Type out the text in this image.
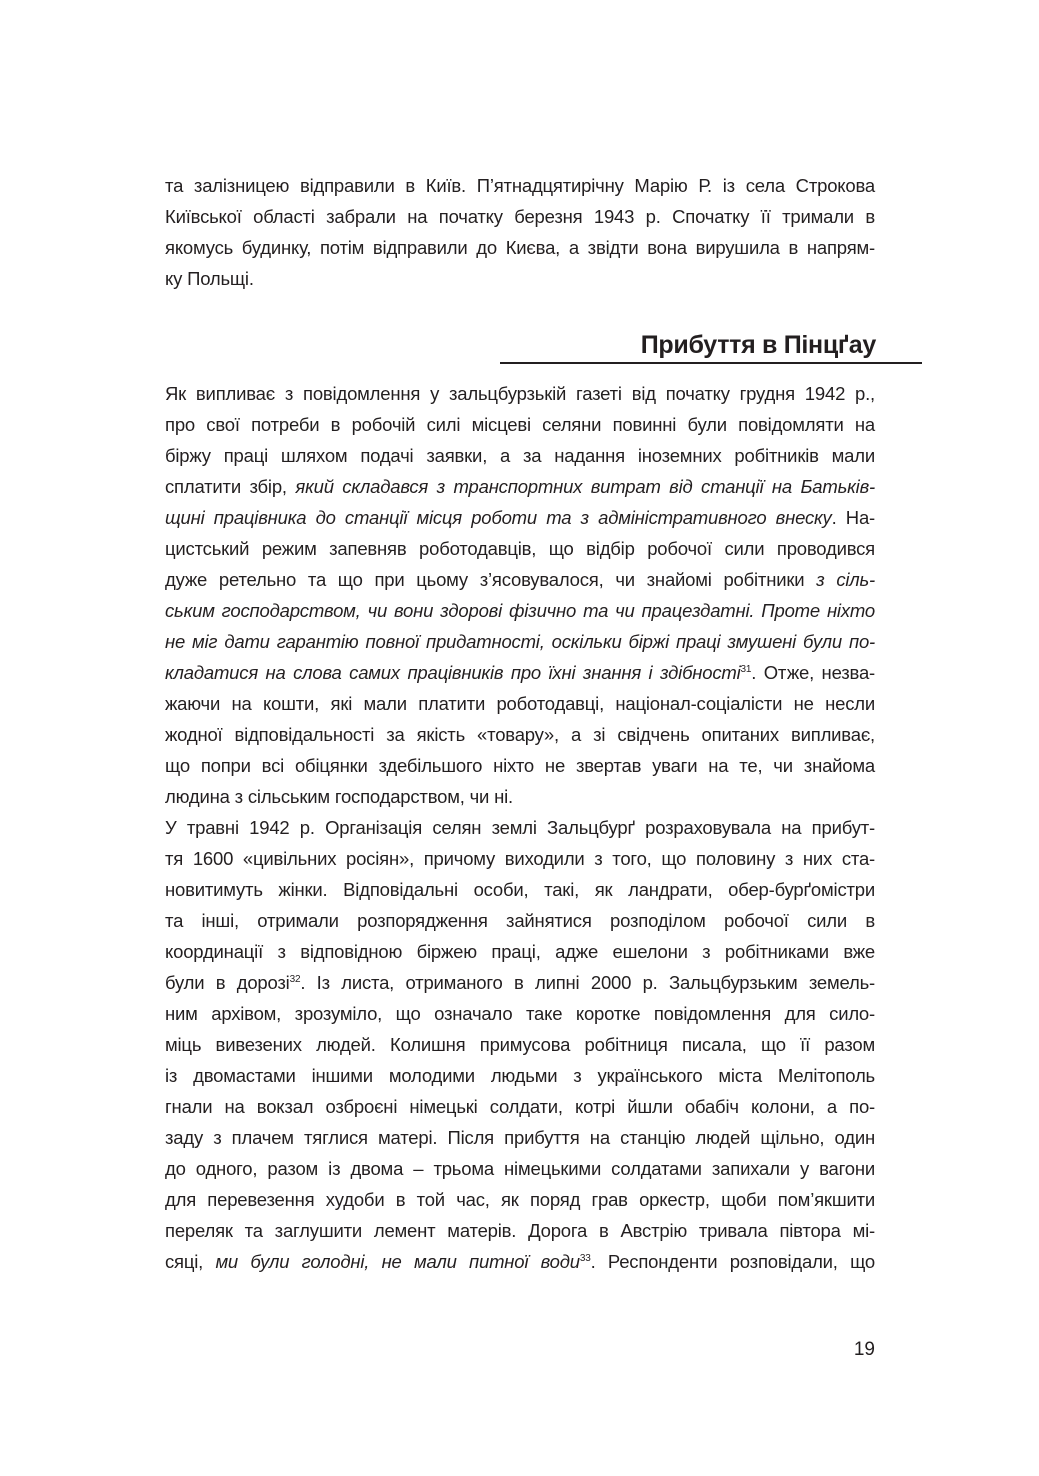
та залізницею відправили в Київ. П’ятнадцятирічну Марію Р. із села Строкова
Київської області забрали на початку березня 1943 р. Спочатку її тримали в
якомусь будинку, потім відправили до Києва, а звідти вона вирушила в напрям-
ку Польщі.
Прибуття в Пінцґау
Як випливає з повідомлення у зальцбурзькій газеті від початку грудня 1942 р.,
про свої потреби в робочій силі місцеві селяни повинні були повідомляти на
біржу праці шляхом подачі заявки, а за надання іноземних робітників мали
сплатити збір, який складався з транспортних витрат від станції на Батьків-
щині працівника до станції місця роботи та з адміністративного внеску. На-
цистський режим запевняв роботодавців, що відбір робочої сили проводився
дуже ретельно та що при цьому з’ясовувалося, чи знайомі робітники з сіль-
ським господарством, чи вони здорові фізично та чи працездатні. Проте ніхто
не міг дати гарантію повної придатності, оскільки біржі праці змушені були по-
кладатися на слова самих працівників про їхні знання і здібності$^{31}$. Отже, незва-
жаючи на кошти, які мали платити роботодавці, націонал-соціалісти не несли
жодної відповідальності за якість «товару», а зі свідчень опитаних випливає,
що попри всі обіцянки здебільшого ніхто не звертав уваги на те, чи знайома
людина з сільським господарством, чи ні.
У травні 1942 р. Організація селян землі Зальцбурґ розраховувала на прибут-
тя 1600 «цивільних росіян», причому виходили з того, що половину з них ста-
новитимуть жінки. Відповідальні особи, такі, як ландрати, обер-бурґомістри
та інші, отримали розпорядження зайнятися розподілом робочої сили в
координації з відповідною біржею праці, адже ешелони з робітниками вже
були в дорозі$^{32}$. Із листа, отриманого в липні 2000 р. Зальцбурзьким земель-
ним архівом, зрозуміло, що означало таке коротке повідомлення для силο-
міць вивезених людей. Колишня примусова робітниця писала, що її разом
із двомастами іншими молодими людьми з українського міста Мелітополь
гнали на вокзал озброєні німецькі солдати, котрі йшли обабіч колони, а по-
заду з плачем тяглися матері. Після прибуття на станцію людей щільно, один
до одного, разом із двома – трьома німецькими солдатами запихали у вагони
для перевезення худоби в той час, як поряд грав оркестр, щоби пом’якшити
переляк та заглушити лемент матерів. Дорога в Австрію тривала півтора мі-
сяці, ми були голодні, не мали питної води$^{33}$. Респонденти розповідали, що
19
